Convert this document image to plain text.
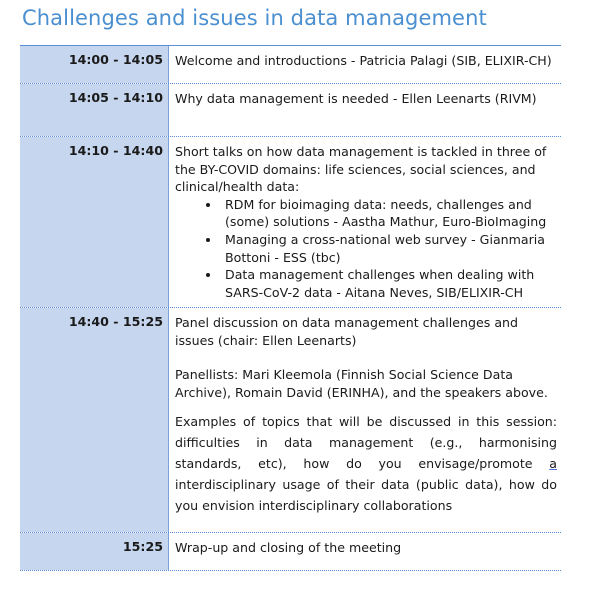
Challenges and issues in data management
14:00 - 14:05 Welcome and introductions - Patricia Palagi (SIB, ELIXIR-CH)

14:05 - 14:10 Why data management is needed - Ellen Leenarts (RIVM)

14:10 - 14:40 Short talks on how data management is tackled in three of the BY-COVID domains: life sciences, social sciences, and clinical/health data:

• RDM for bioimaging data: needs, challenges and (some) solutions - Aastha Mathur, Euro-BioImaging
• Managing a cross-national web survey - Gianmaria Bottoni - ESS (tbc)
• Data management challenges when dealing with SARS-CoV-2 data - Aitana Neves, SIB/ELIXIR-CH
14:40 - 15:25 Panel discussion on data management challenges and issues (chair: Ellen Leenarts)

Panellists: Mari Kleemola (Finnish Social Science Data Archive), Romain David (ERINHA), and the speakers above.

Examples of topics that will be discussed in this session: difficulties in data management (e.g., harmonising standards, etc), how do you envisage/promote a interdisciplinary usage of their data (public data), how do you envision interdisciplinary collaborations

15:25 Wrap-up and closing of the meeting
